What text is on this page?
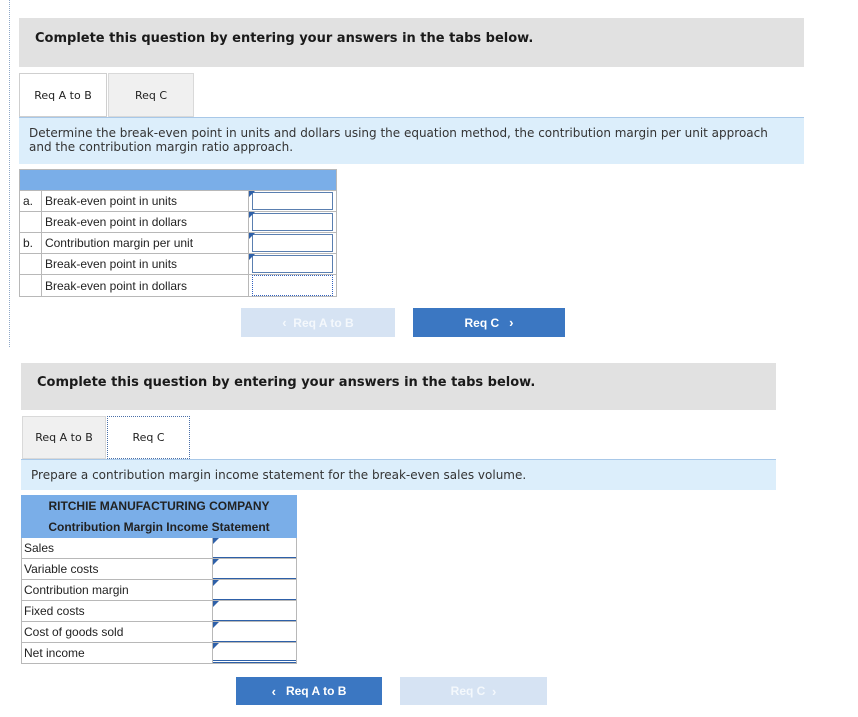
Complete this question by entering your answers in the tabs below.
Req A to B	Req C
Determine the break-even point in units and dollars using the equation method, the contribution margin per unit approach and the contribution margin ratio approach.

a.	Break-even point in units	

	Break-even point in dollars	

b.	Contribution margin per unit	

	Break-even point in units	

	Break-even point in dollars	
‹
Req A to B	Req C
›
Complete this question by entering your answers in the tabs below.
Req A to B	Req C
Prepare a contribution margin income statement for the break-even sales volume.
RITCHIE MANUFACTURING COMPANY	
Contribution Margin Income Statement	
Sales	

Variable costs	

Contribution margin	

Fixed costs	

Cost of goods sold	

Net income	
‹
Req A to B	Req C
›
